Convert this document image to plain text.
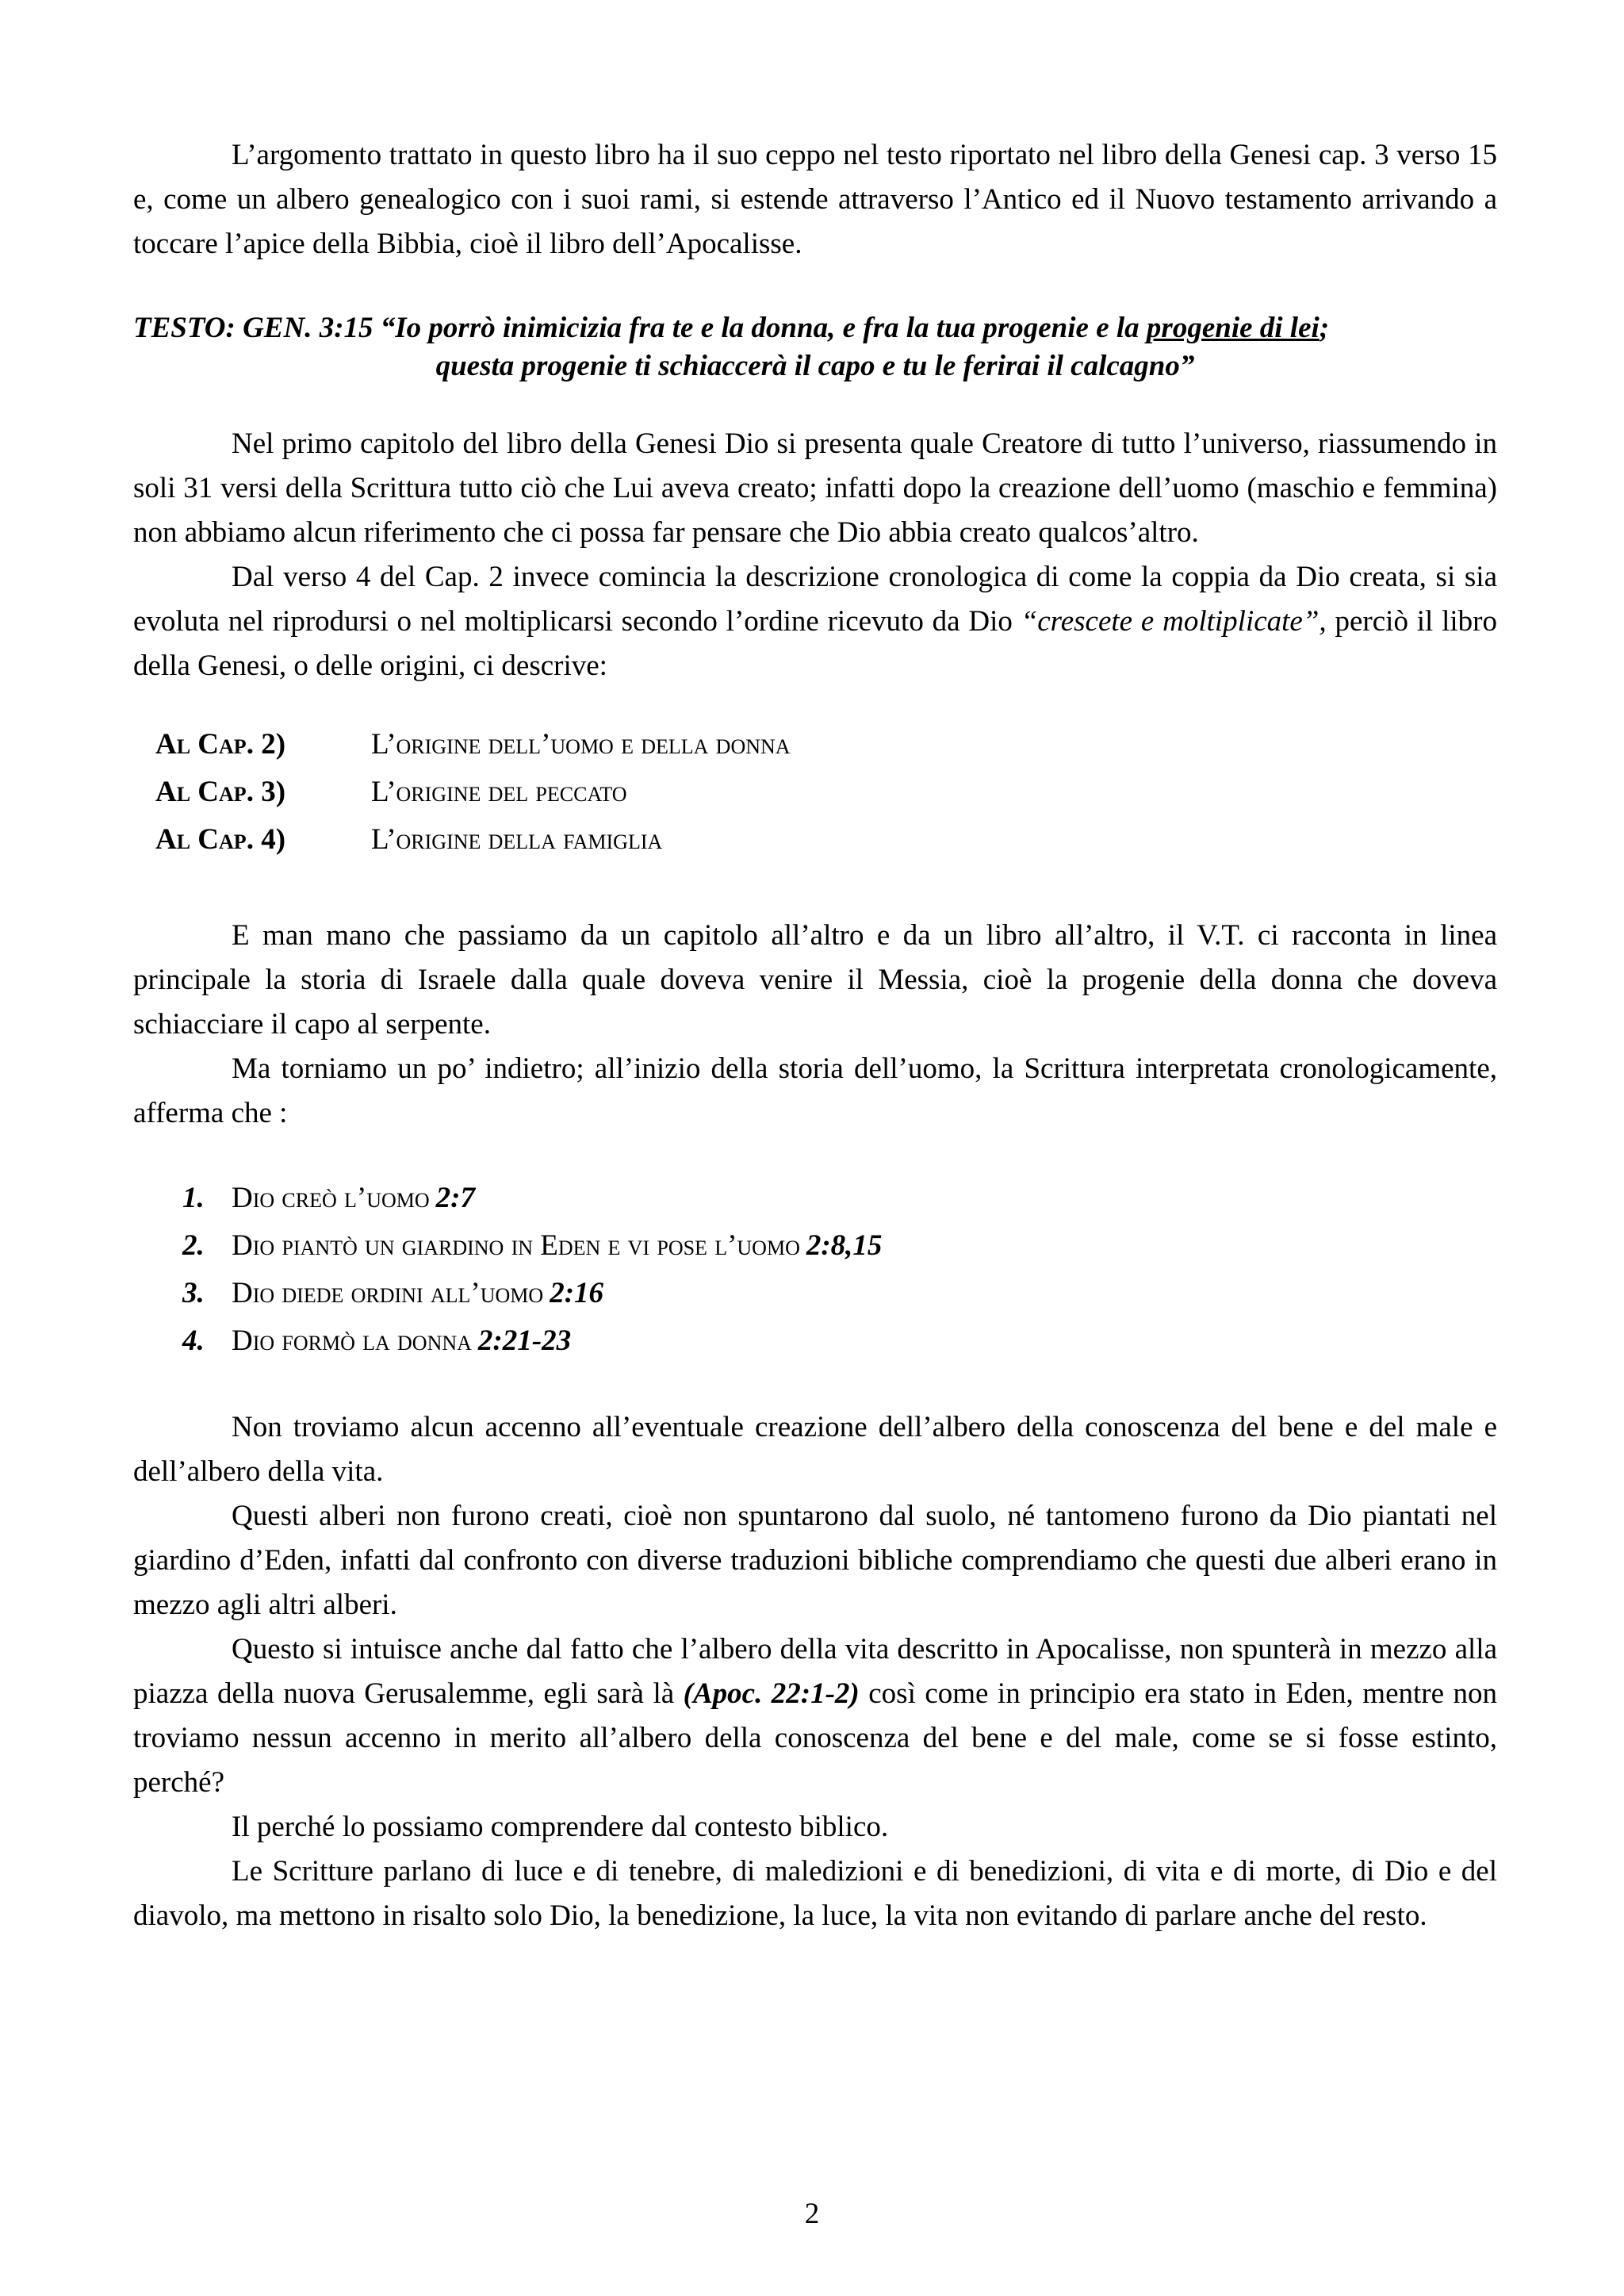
L’argomento trattato in questo libro ha il suo ceppo nel testo riportato nel libro della Genesi cap. 3 verso 15 e, come un albero genealogico con i suoi rami, si estende attraverso l’Antico ed il Nuovo testamento arrivando a toccare l’apice della Bibbia, cioè il libro dell’Apocalisse.

TESTO: GEN. 3:15 “Io porrò inimicizia fra te e la donna, e fra la tua progenie e la progenie di lei;
questa progenie ti schiaccerà il capo e tu le ferirai il calcagno”

Nel primo capitolo del libro della Genesi Dio si presenta quale Creatore di tutto l’universo, riassumendo in soli 31 versi della Scrittura tutto ciò che Lui aveva creato; infatti dopo la creazione dell’uomo (maschio e femmina) non abbiamo alcun riferimento che ci possa far pensare che Dio abbia creato qualcos’altro.

Dal verso 4 del Cap. 2 invece comincia la descrizione cronologica di come la coppia da Dio creata, si sia evoluta nel riprodursi o nel moltiplicarsi secondo l’ordine ricevuto da Dio “crescete e moltiplicate”, perciò il libro della Genesi, o delle origini, ci descrive:

Al Cap. 2)	L’origine dell’uomo e della donna
Al Cap. 3)	L’origine del peccato
Al Cap. 4)	L’origine della famiglia

E man mano che passiamo da un capitolo all’altro e da un libro all’altro, il V.T. ci racconta in linea principale la storia di Israele dalla quale doveva venire il Messia, cioè la progenie della donna che doveva schiacciare il capo al serpente.

Ma torniamo un po’ indietro; all’inizio della storia dell’uomo, la Scrittura interpretata cronologicamente, afferma che :

1. Dio creò l’uomo 2:7
2. Dio piantò un giardino in Eden e vi pose l’uomo 2:8,15
3. Dio diede ordini all’uomo 2:16
4. Dio formò la donna 2:21-23

Non troviamo alcun accenno all’eventuale creazione dell’albero della conoscenza del bene e del male e dell’albero della vita.

Questi alberi non furono creati, cioè non spuntarono dal suolo, né tantomeno furono da Dio piantati nel giardino d’Eden, infatti dal confronto con diverse traduzioni bibliche comprendiamo che questi due alberi erano in mezzo agli altri alberi.

Questo si intuisce anche dal fatto che l’albero della vita descritto in Apocalisse, non spunterà in mezzo alla piazza della nuova Gerusalemme, egli sarà là (Apoc. 22:1-2) così come in principio era stato in Eden, mentre non troviamo nessun accenno in merito all’albero della conoscenza del bene e del male, come se si fosse estinto, perché?

Il perché lo possiamo comprendere dal contesto biblico.

Le Scritture parlano di luce e di tenebre, di maledizioni e di benedizioni, di vita e di morte, di Dio e del diavolo, ma mettono in risalto solo Dio, la benedizione, la luce, la vita non evitando di parlare anche del resto.

2
